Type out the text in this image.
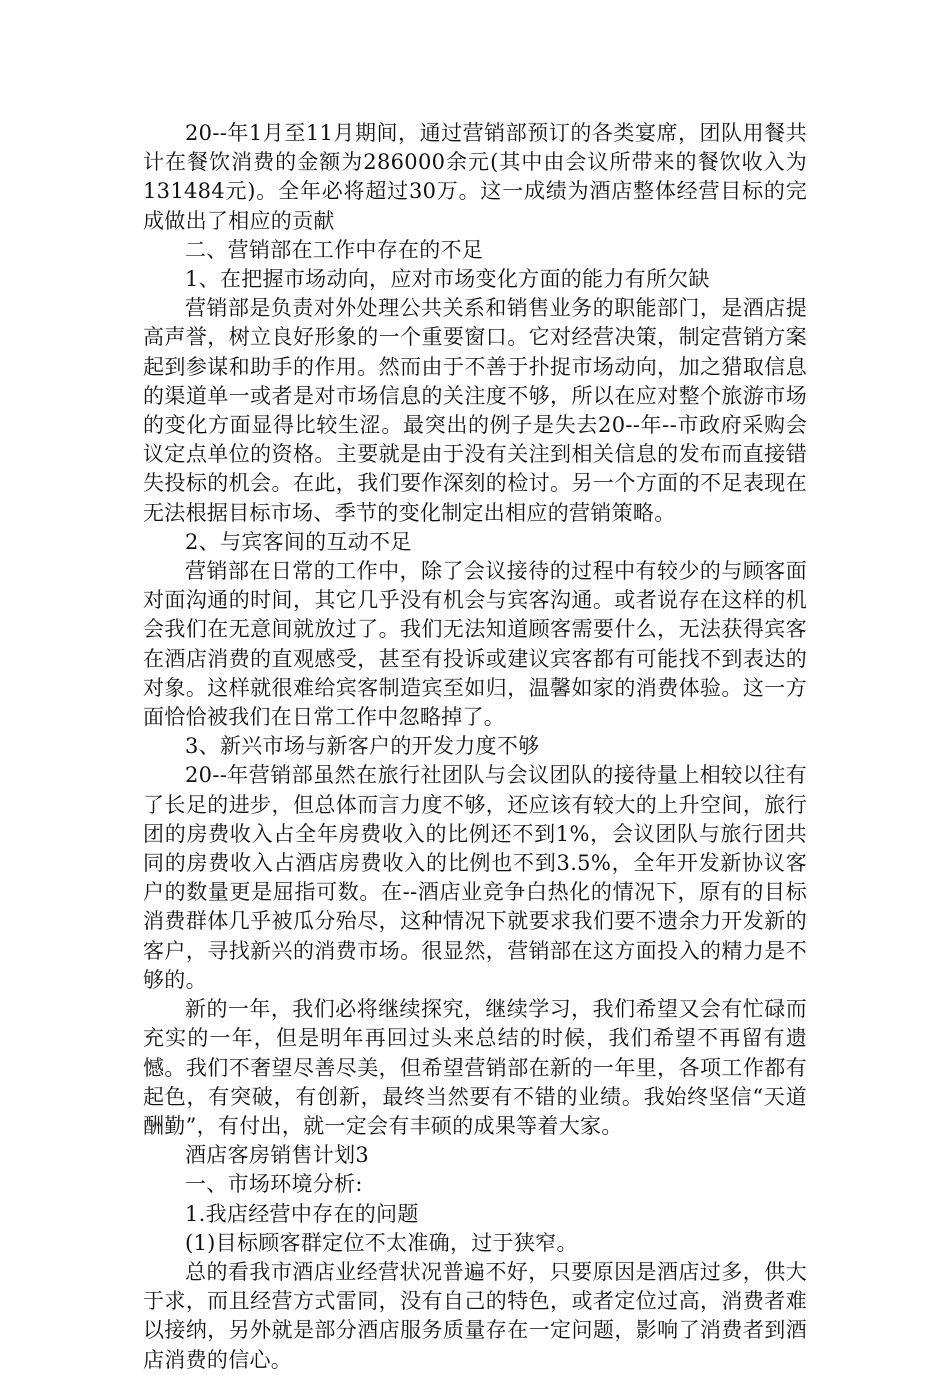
20--年1月至11月期间，通过营销部预订的各类宴席，团队用餐共计在餐饮消费的金额为286000余元(其中由会议所带来的餐饮收入为131484元)。全年必将超过30万。这一成绩为酒店整体经营目标的完成做出了相应的贡献

二、营销部在工作中存在的不足

1、在把握市场动向，应对市场变化方面的能力有所欠缺

营销部是负责对外处理公共关系和销售业务的职能部门，是酒店提高声誉，树立良好形象的一个重要窗口。它对经营决策，制定营销方案起到参谋和助手的作用。然而由于不善于扑捉市场动向，加之猎取信息的渠道单一或者是对市场信息的关注度不够，所以在应对整个旅游市场的变化方面显得比较生涩。最突出的例子是失去20--年--市政府采购会议定点单位的资格。主要就是由于没有关注到相关信息的发布而直接错失投标的机会。在此，我们要作深刻的检讨。另一个方面的不足表现在无法根据目标市场、季节的变化制定出相应的营销策略。

2、与宾客间的互动不足

营销部在日常的工作中，除了会议接待的过程中有较少的与顾客面对面沟通的时间，其它几乎没有机会与宾客沟通。或者说存在这样的机会我们在无意间就放过了。我们无法知道顾客需要什么，无法获得宾客在酒店消费的直观感受，甚至有投诉或建议宾客都有可能找不到表达的对象。这样就很难给宾客制造宾至如归，温馨如家的消费体验。这一方面恰恰被我们在日常工作中忽略掉了。

3、新兴市场与新客户的开发力度不够

20--年营销部虽然在旅行社团队与会议团队的接待量上相较以往有了长足的进步，但总体而言力度不够，还应该有较大的上升空间，旅行团的房费收入占全年房费收入的比例还不到1%，会议团队与旅行团共同的房费收入占酒店房费收入的比例也不到3.5%，全年开发新协议客户的数量更是屈指可数。在--酒店业竞争白热化的情况下，原有的目标消费群体几乎被瓜分殆尽，这种情况下就要求我们要不遗余力开发新的客户，寻找新兴的消费市场。很显然，营销部在这方面投入的精力是不够的。

新的一年，我们必将继续探究，继续学习，我们希望又会有忙碌而充实的一年，但是明年再回过头来总结的时候，我们希望不再留有遗憾。我们不奢望尽善尽美，但希望营销部在新的一年里，各项工作都有起色，有突破，有创新，最终当然要有不错的业绩。我始终坚信“天道酬勤”，有付出，就一定会有丰硕的成果等着大家。

酒店客房销售计划3

一、市场环境分析:

1.我店经营中存在的问题

(1)目标顾客群定位不太准确，过于狭窄。

总的看我市酒店业经营状况普遍不好，只要原因是酒店过多，供大于求，而且经营方式雷同，没有自己的特色，或者定位过高，消费者难以接纳，另外就是部分酒店服务质量存在一定问题，影响了消费者到酒店消费的信心。
